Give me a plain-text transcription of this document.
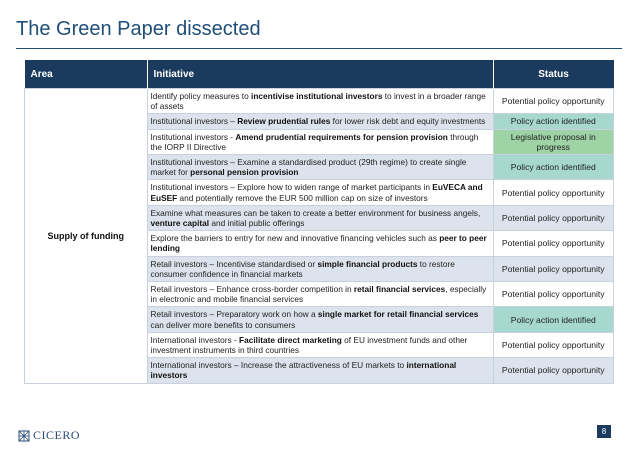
The Green Paper dissected
Area	Initiative	Status
Supply of funding	Identify policy measures to incentivise institutional investors to invest in a broader range of assets	Potential policy opportunity
	Institutional investors – Review prudential rules for lower risk debt and equity investments	Policy action identified
	Institutional investors - Amend prudential requirements for pension provision through the IORP II Directive	Legislative proposal in progress
	Institutional investors – Examine a standardised product (29th regime) to create single market for personal pension provision	Policy action identified
	Institutional investors – Explore how to widen range of market participants in EuVECA and EuSEF and potentially remove the EUR 500 million cap on size of investors	Potential policy opportunity
	Examine what measures can be taken to create a better environment for business angels, venture capital and initial public offerings	Potential policy opportunity
	Explore the barriers to entry for new and innovative financing vehicles such as peer to peer lending	Potential policy opportunity
	Retail investors – Incentivise standardised or simple financial products to restore consumer confidence in financial markets	Potential policy opportunity
	Retail investors – Enhance cross-border competition in retail financial services, especially in electronic and mobile financial services	Potential policy opportunity
	Retail investors – Preparatory work on how a single market for retail financial services can deliver more benefits to consumers	Policy action identified
	International investors - Facilitate direct marketing of EU investment funds and other investment instruments in third countries	Potential policy opportunity
	International investors – Increase the attractiveness of EU markets to international investors	Potential policy opportunity
CICERO	8
